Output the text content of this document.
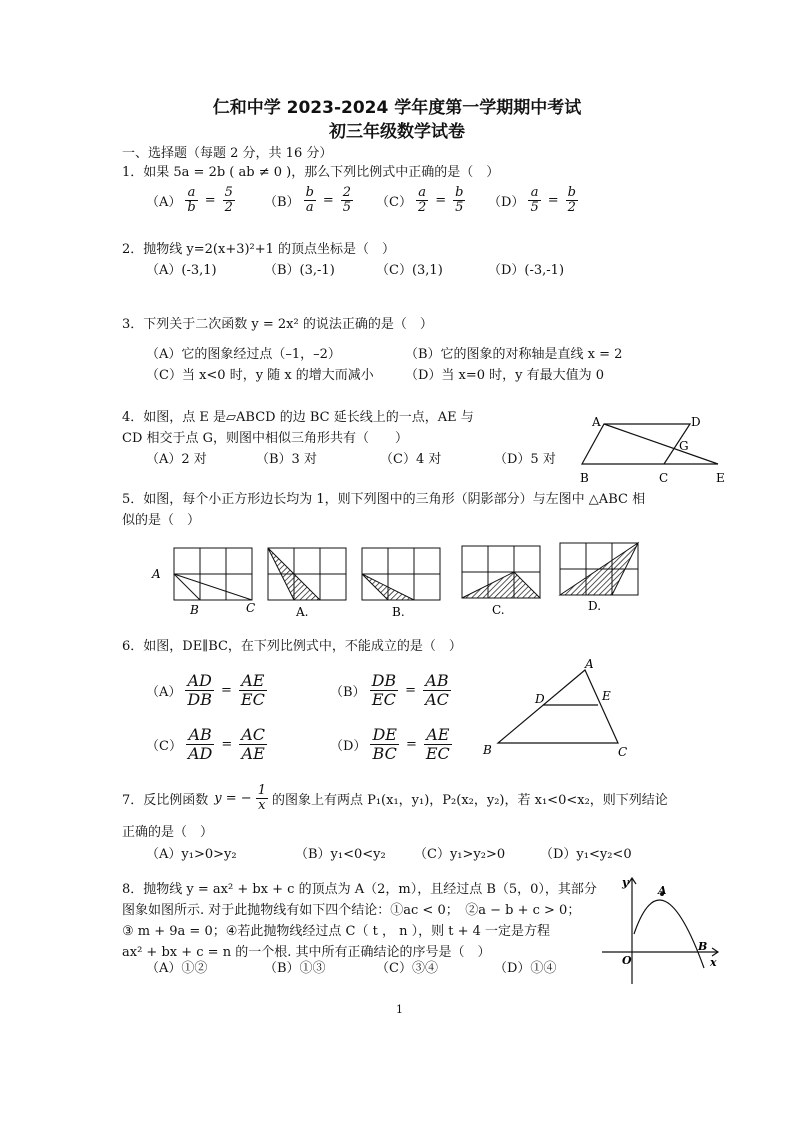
仁和中学 2023-2024 学年度第一学期期中考试
初三年级数学试卷
一、选择题（每题 2 分，共 16 分）
1．如果 5a = 2b ( ab ≠ 0 )，那么下列比例式中正确的是（　）
$(A) \frac{a}{b} = \frac{5}{2} (B) \frac{b}{a} = \frac{2}{5} (C) \frac{a}{2} = \frac{b}{5} (D) \frac{a}{5} = \frac{b}{2}$
2．抛物线 y=2(x+3)²+1 的顶点坐标是（　）
（A）(-3,1)	（B）(3,-1)	（C）(3,1)	（D）(-3,-1)
3．下列关于二次函数 y = 2x² 的说法正确的是（　）
（A）它的图象经过点（–1，–2）	（B）它的图象的对称轴是直线 x = 2
（C）当 x<0 时，y 随 x 的增大而减小 （D）当 x=0 时，y 有最大值为 0
4．如图，点 E 是▱ABCD 的边 BC 延长线上的一点，AE 与
CD 相交于点 G，则图中相似三角形共有（　　）
（A）2 对	（B）3 对	（C）4 对	（D）5 对
A	D
G
B	C	E
5．如图，每个小正方形边长均为 1，则下列图中的三角形（阴影部分）与左图中 △ABC 相
似的是（　）
A
B	C	A.	B.	C.	D.
6．如图，DE∥BC，在下列比例式中，不能成立的是（　）
$(A) \frac{AD}{DB} = \frac{AE}{EC}$	$(B) \frac{DB}{EC} = \frac{AB}{AC}$
$(C) \frac{AB}{AD} = \frac{AC}{AE}$	$(D) \frac{DE}{BC} = \frac{AE}{EC}$
A
D	E
B	C
7．反比例函数 y = − $\frac{1}{x}$ 的图象上有两点 P₁(x₁，y₁)，P₂(x₂，y₂)，若 x₁<0<x₂，则下列结论
正确的是（　）
（A）y₁>0>y₂	（B）y₁<0<y₂ （C）y₁>y₂>0	（D）y₁<y₂<0
8．抛物线 y = ax² + bx + c 的顶点为 A（2，m），且经过点 B（5，0），其部分
图象如图所示. 对于此抛物线有如下四个结论：①ac < 0；　②a − b + c > 0；
③ m + 9a = 0；④若此抛物线经过点 C（ t ， n ），则 t + 4 一定是方程
ax² + bx + c = n 的一个根. 其中所有正确结论的序号是（　）
（A）①②	（B）①③	（C）③④	（D）①④
y
x
O
A
B
1
